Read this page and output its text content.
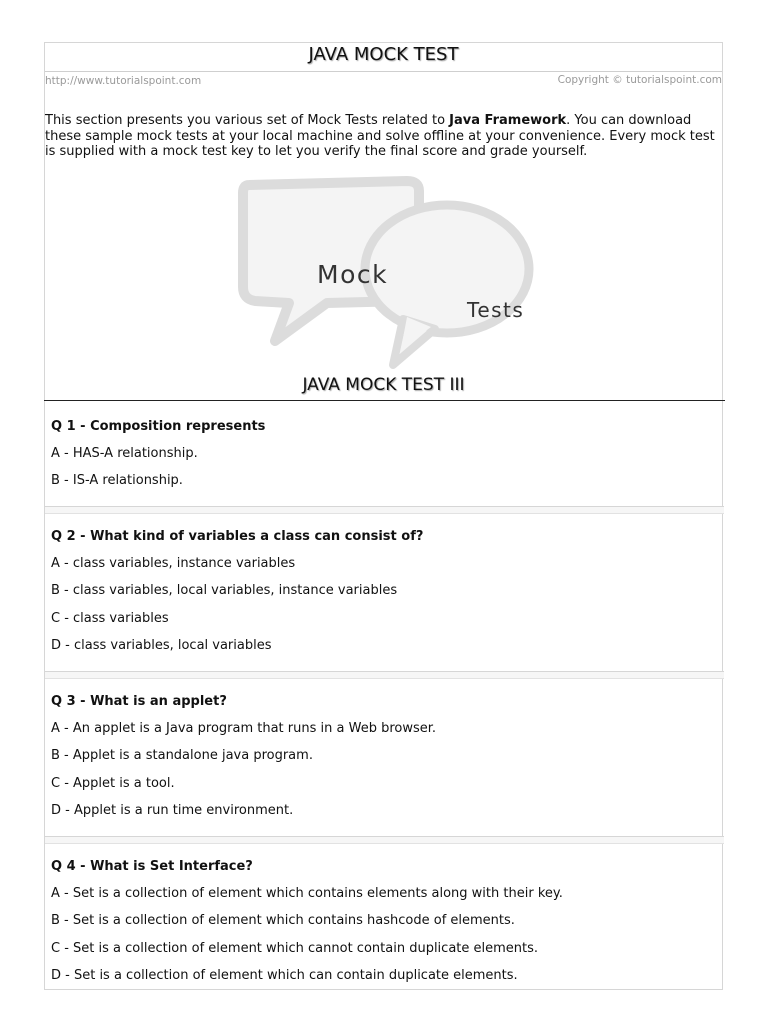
JAVA MOCK TEST
http://www.tutorialspoint.com	Copyright © tutorialspoint.com
This section presents you various set of Mock Tests related to Java Framework. You can download these sample mock tests at your local machine and solve offline at your convenience. Every mock test is supplied with a mock test key to let you verify the final score and grade yourself.
Mock
Tests
JAVA MOCK TEST III
Q 1 - Composition represents
A - HAS-A relationship.
B - IS-A relationship.
Q 2 - What kind of variables a class can consist of?
A - class variables, instance variables
B - class variables, local variables, instance variables
C - class variables
D - class variables, local variables
Q 3 - What is an applet?
A - An applet is a Java program that runs in a Web browser.
B - Applet is a standalone java program.
C - Applet is a tool.
D - Applet is a run time environment.
Q 4 - What is Set Interface?
A - Set is a collection of element which contains elements along with their key.
B - Set is a collection of element which contains hashcode of elements.
C - Set is a collection of element which cannot contain duplicate elements.
D - Set is a collection of element which can contain duplicate elements.
